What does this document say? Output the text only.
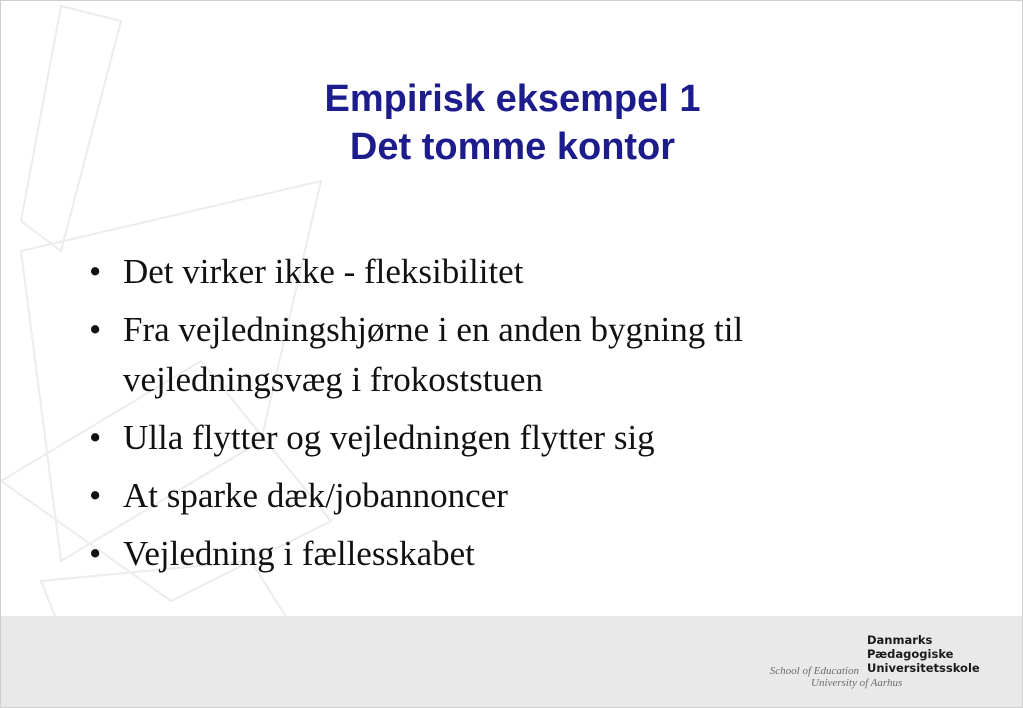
Empirisk eksempel 1
Det tomme kontor
• Det virker ikke - fleksibilitet
• Fra vejledningshjørne i en anden bygning til vejledningsvæg i frokoststuen
• Ulla flytter og vejledningen flytter sig
• At sparke dæk/jobannoncer
• Vejledning i fællesskabet
School of Education
Danmarks
Pædagogiske
Universitetsskole
University of Aarhus
